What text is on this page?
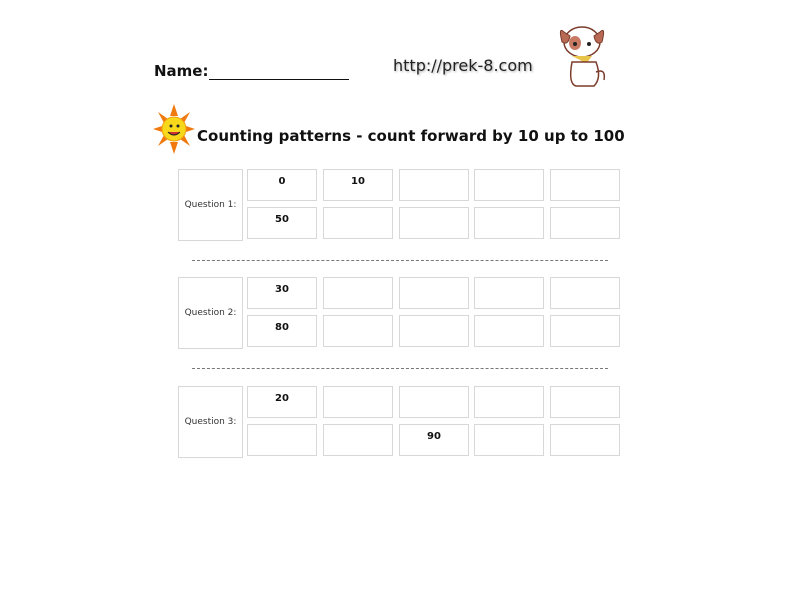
Name:	http://prek-8.com
Counting patterns - count forward by 10 up to 100
Question 1:
0	10
50
Question 2:
30
80
Question 3:
20
90
